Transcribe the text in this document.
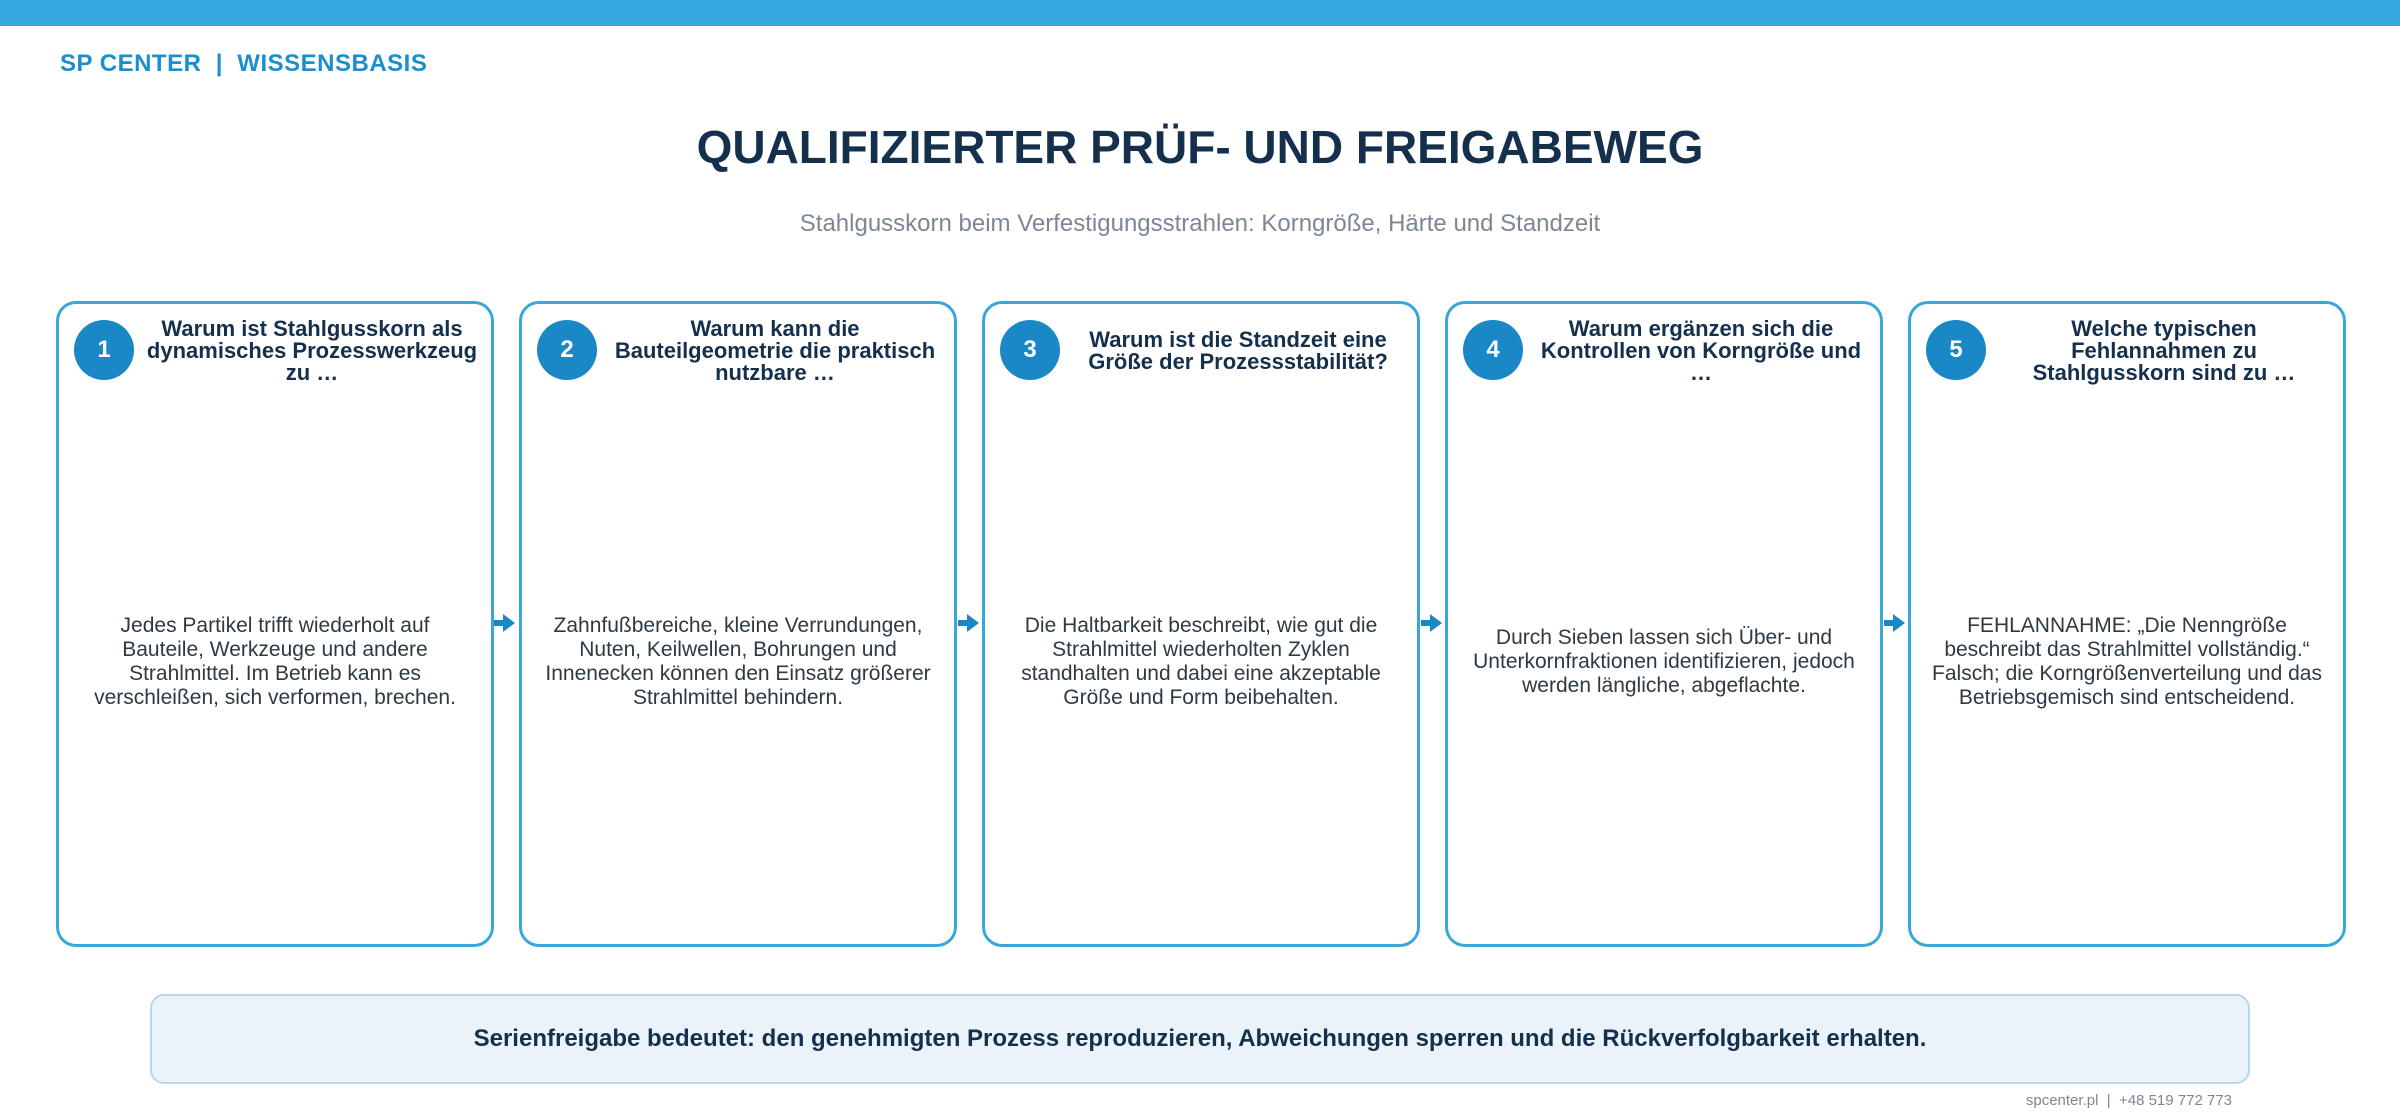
SP CENTER  |  WISSENSBASIS
QUALIFIZIERTER PRÜF- UND FREIGABEWEG
Stahlgusskorn beim Verfestigungsstrahlen: Korngröße, Härte und Standzeit
1
Warum ist Stahlgusskorn als dynamisches Prozesswerkzeug zu …
Jedes Partikel trifft wiederholt auf Bauteile, Werkzeuge und andere Strahlmittel. Im Betrieb kann es verschleißen, sich verformen, brechen.
2
Warum kann die Bauteilgeometrie die praktisch nutzbare …
Zahnfußbereiche, kleine Verrundungen, Nuten, Keilwellen, Bohrungen und Innenecken können den Einsatz größerer Strahlmittel behindern.
3	Warum ist die Standzeit eine Größe der Prozessstabilität?
Die Haltbarkeit beschreibt, wie gut die Strahlmittel wiederholten Zyklen standhalten und dabei eine akzeptable Größe und Form beibehalten.
4
Warum ergänzen sich die Kontrollen von Korngröße und …
Durch Sieben lassen sich Über- und Unterkornfraktionen identifizieren, jedoch werden längliche, abgeflachte.
5
Welche typischen Fehlannahmen zu Stahlgusskorn sind zu …
FEHLANNAHME: „Die Nenngröße beschreibt das Strahlmittel vollständig.“ Falsch; die Korngrößenverteilung und das Betriebsgemisch sind entscheidend.
Serienfreigabe bedeutet: den genehmigten Prozess reproduzieren, Abweichungen sperren und die Rückverfolgbarkeit erhalten.
spcenter.pl  |  +48 519 772 773
